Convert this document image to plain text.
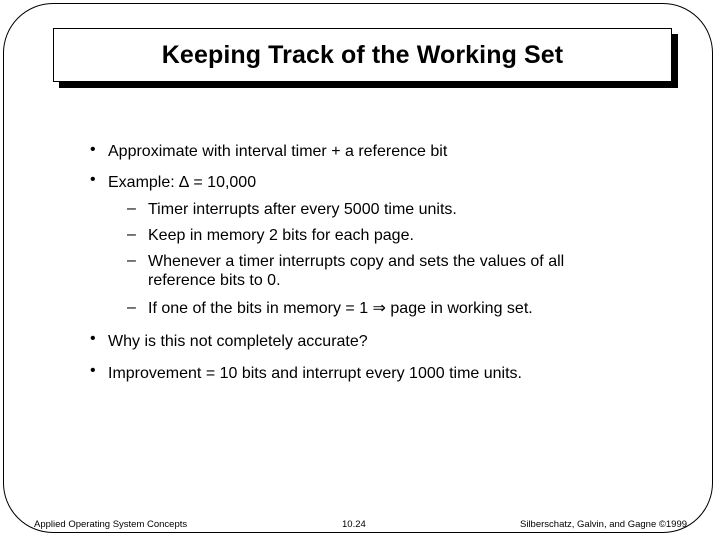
Keeping Track of the Working Set
• Approximate with interval timer + a reference bit
• Example: ∆ = 10,000
– Timer interrupts after every 5000 time units.
– Keep in memory 2 bits for each page.
– Whenever a timer interrupts copy and sets the values of all reference bits to 0.
– If one of the bits in memory = 1 ⇒ page in working set.
• Why is this not completely accurate?
• Improvement = 10 bits and interrupt every 1000 time units.
Applied Operating System Concepts	10.24	Silberschatz, Galvin, and Gagne ©1999
